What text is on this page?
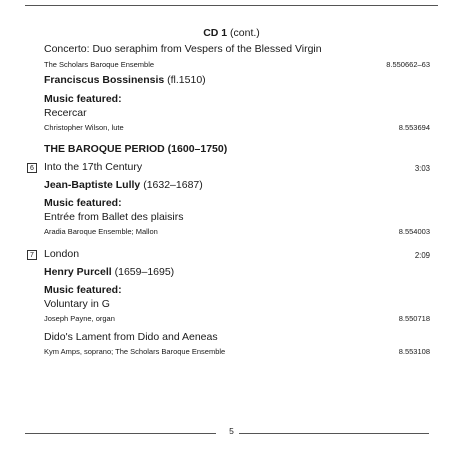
CD 1 (cont.)
Concerto: Duo seraphim from Vespers of the Blessed Virgin
The Scholars Baroque Ensemble	8.550662–63
Franciscus Bossinensis (fl.1510)
Music featured:
Recercar
Christopher Wilson, lute	8.553694
THE BAROQUE PERIOD (1600–1750)
6 Into the 17th Century	3:03
Jean-Baptiste Lully (1632–1687)
Music featured:
Entrée from Ballet des plaisirs
Aradia Baroque Ensemble; Mallon	8.554003
7 London	2:09
Henry Purcell (1659–1695)
Music featured:
Voluntary in G
Joseph Payne, organ	8.550718
Dido's Lament from Dido and Aeneas
Kym Amps, soprano; The Scholars Baroque Ensemble	8.553108
5
